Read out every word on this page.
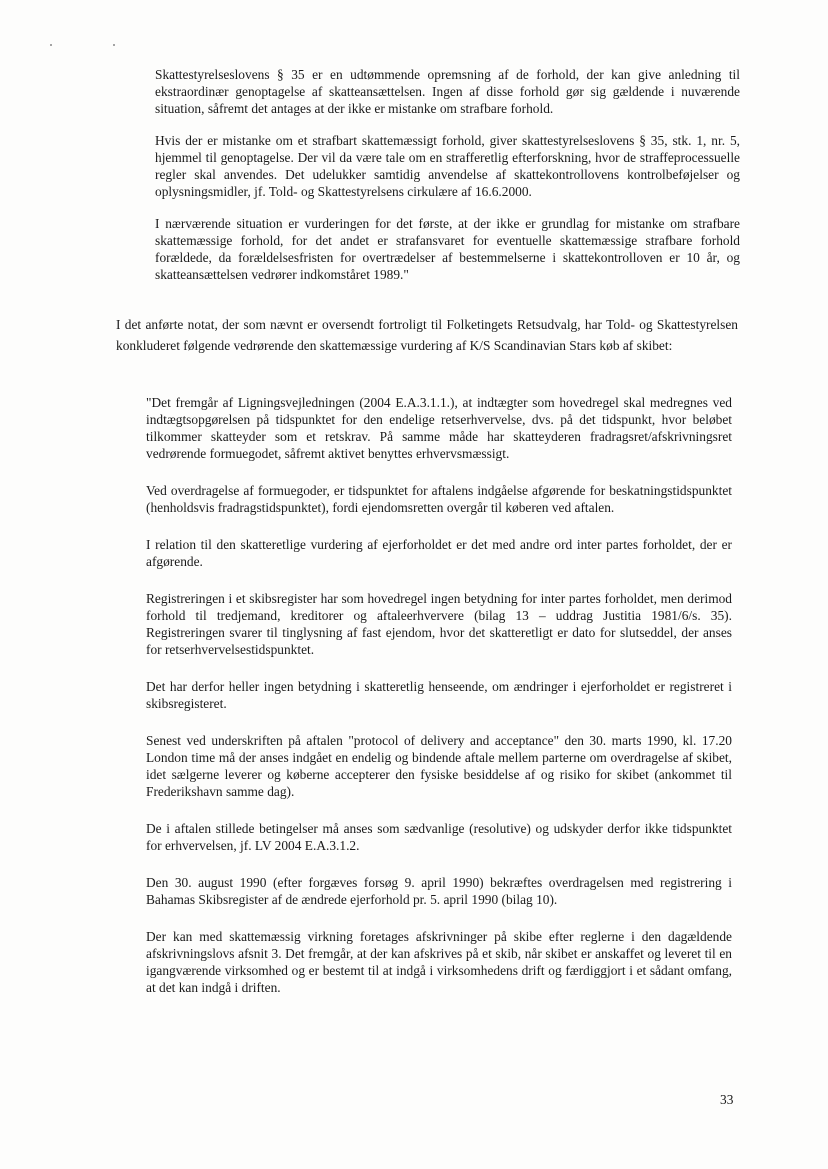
Skattestyrelseslovens § 35 er en udtømmende opremsning af de forhold, der kan give anledning til ekstraordinær genoptagelse af skatteansættelsen. Ingen af disse forhold gør sig gældende i nuværende situation, såfremt det antages at der ikke er mistanke om strafbare forhold.

Hvis der er mistanke om et strafbart skattemæssigt forhold, giver skattestyrelseslovens § 35, stk. 1, nr. 5, hjemmel til genoptagelse. Der vil da være tale om en strafferetlig efterforskning, hvor de straffeprocessuelle regler skal anvendes. Det udelukker samtidig anvendelse af skattekontrollovens kontrolbeføjelser og oplysningsmidler, jf. Told- og Skattestyrelsens cirkulære af 16.6.2000.

I nærværende situation er vurderingen for det første, at der ikke er grundlag for mistanke om strafbare skattemæssige forhold, for det andet er strafansvaret for eventuelle skattemæssige strafbare forhold forældede, da forældelsesfristen for overtrædelser af bestemmelserne i skattekontrolloven er 10 år, og skatteansættelsen vedrører indkomståret 1989."

I det anførte notat, der som nævnt er oversendt fortroligt til Folketingets Retsudvalg, har Told- og Skattestyrelsen konkluderet følgende vedrørende den skattemæssige vurdering af K/S Scandinavian Stars køb af skibet:

"Det fremgår af Ligningsvejledningen (2004 E.A.3.1.1.), at indtægter som hovedregel skal medregnes ved indtægtsopgørelsen på tidspunktet for den endelige retserhvervelse, dvs. på det tidspunkt, hvor beløbet tilkommer skatteyder som et retskrav. På samme måde har skatteyderen fradragsret/afskrivningsret vedrørende formuegodet, såfremt aktivet benyttes erhvervsmæssigt.

Ved overdragelse af formuegoder, er tidspunktet for aftalens indgåelse afgørende for beskatningstidspunktet (henholdsvis fradragstidspunktet), fordi ejendomsretten overgår til køberen ved aftalen.

I relation til den skatteretlige vurdering af ejerforholdet er det med andre ord inter partes forholdet, der er afgørende.

Registreringen i et skibsregister har som hovedregel ingen betydning for inter partes forholdet, men derimod forhold til tredjemand, kreditorer og aftaleerhververe (bilag 13 – uddrag Justitia 1981/6/s. 35). Registreringen svarer til tinglysning af fast ejendom, hvor det skatteretligt er dato for slutseddel, der anses for retserhvervelsestidspunktet.

Det har derfor heller ingen betydning i skatteretlig henseende, om ændringer i ejerforholdet er registreret i skibsregisteret.

Senest ved underskriften på aftalen "protocol of delivery and acceptance" den 30. marts 1990, kl. 17.20 London time må der anses indgået en endelig og bindende aftale mellem parterne om overdragelse af skibet, idet sælgerne leverer og køberne accepterer den fysiske besiddelse af og risiko for skibet (ankommet til Frederikshavn samme dag).

De i aftalen stillede betingelser må anses som sædvanlige (resolutive) og udskyder derfor ikke tidspunktet for erhvervelsen, jf. LV 2004 E.A.3.1.2.

Den 30. august 1990 (efter forgæves forsøg 9. april 1990) bekræftes overdragelsen med registrering i Bahamas Skibsregister af de ændrede ejerforhold pr. 5. april 1990 (bilag 10).

Der kan med skattemæssig virkning foretages afskrivninger på skibe efter reglerne i den dagældende afskrivningslovs afsnit 3. Det fremgår, at der kan afskrives på et skib, når skibet er anskaffet og leveret til en igangværende virksomhed og er bestemt til at indgå i virksomhedens drift og færdiggjort i et sådant omfang, at det kan indgå i driften.

33
